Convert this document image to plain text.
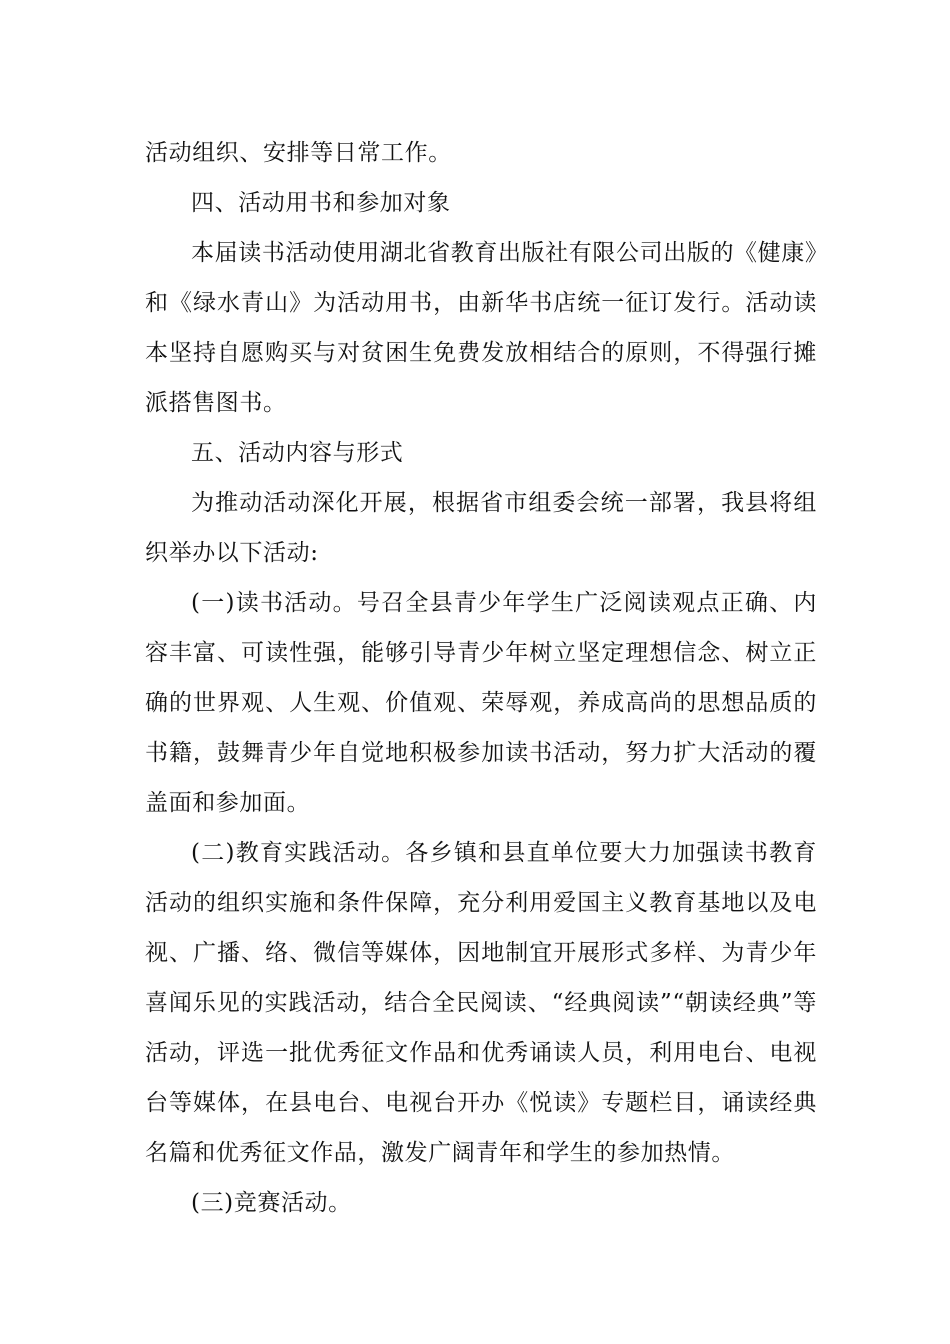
活动组织、安排等日常工作。

四、活动用书和参加对象

本届读书活动使用湖北省教育出版社有限公司出版的《健康》和《绿水青山》为活动用书，由新华书店统一征订发行。活动读本坚持自愿购买与对贫困生免费发放相结合的原则，不得强行摊派搭售图书。

五、活动内容与形式

为推动活动深化开展，根据省市组委会统一部署，我县将组织举办以下活动:

(一)读书活动。号召全县青少年学生广泛阅读观点正确、内容丰富、可读性强，能够引导青少年树立坚定理想信念、树立正确的世界观、人生观、价值观、荣辱观，养成高尚的思想品质的书籍，鼓舞青少年自觉地积极参加读书活动，努力扩大活动的覆盖面和参加面。

(二)教育实践活动。各乡镇和县直单位要大力加强读书教育活动的组织实施和条件保障，充分利用爱国主义教育基地以及电视、广播、络、微信等媒体，因地制宜开展形式多样、为青少年喜闻乐见的实践活动，结合全民阅读、“经典阅读”“朝读经典”等活动，评选一批优秀征文作品和优秀诵读人员，利用电台、电视台等媒体，在县电台、电视台开办《悦读》专题栏目，诵读经典名篇和优秀征文作品，激发广阔青年和学生的参加热情。

(三)竞赛活动。
